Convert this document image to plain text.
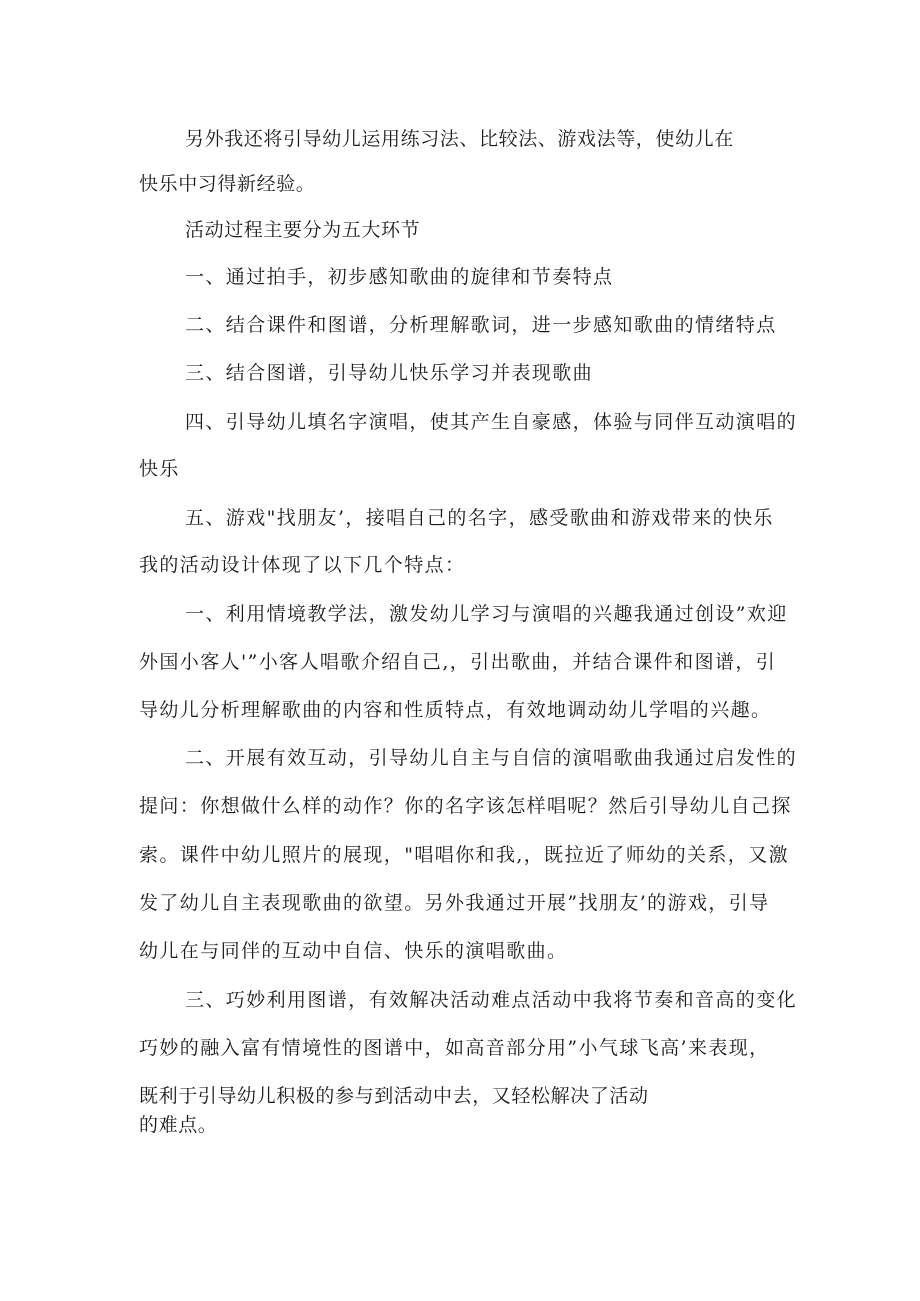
另外我还将引导幼儿运用练习法、比较法、游戏法等，使幼儿在

快乐中习得新经验。

活动过程主要分为五大环节

一、通过拍手，初步感知歌曲的旋律和节奏特点

二、结合课件和图谱，分析理解歌词，进一步感知歌曲的情绪特点

三、结合图谱，引导幼儿快乐学习并表现歌曲

四、引导幼儿填名字演唱，使其产生自豪感，体验与同伴互动演唱的

快乐

五、游戏"找朋友’，接唱自己的名字，感受歌曲和游戏带来的快乐

我的活动设计体现了以下几个特点：

一、利用情境教学法，激发幼儿学习与演唱的兴趣我通过创设”欢迎

外国小客人'”小客人唱歌介绍自己,，引出歌曲，并结合课件和图谱，引

导幼儿分析理解歌曲的内容和性质特点，有效地调动幼儿学唱的兴趣。

二、开展有效互动，引导幼儿自主与自信的演唱歌曲我通过启发性的

提问：你想做什么样的动作？你的名字该怎样唱呢？然后引导幼儿自己探

索。课件中幼儿照片的展现，"唱唱你和我,，既拉近了师幼的关系，又激

发了幼儿自主表现歌曲的欲望。另外我通过开展”找朋友’的游戏，引导

幼儿在与同伴的互动中自信、快乐的演唱歌曲。

三、巧妙利用图谱，有效解决活动难点活动中我将节奏和音高的变化

巧妙的融入富有情境性的图谱中，如高音部分用”小气球飞高’来表现，

既利于引导幼儿积极的参与到活动中去，又轻松解决了活动

的难点。
